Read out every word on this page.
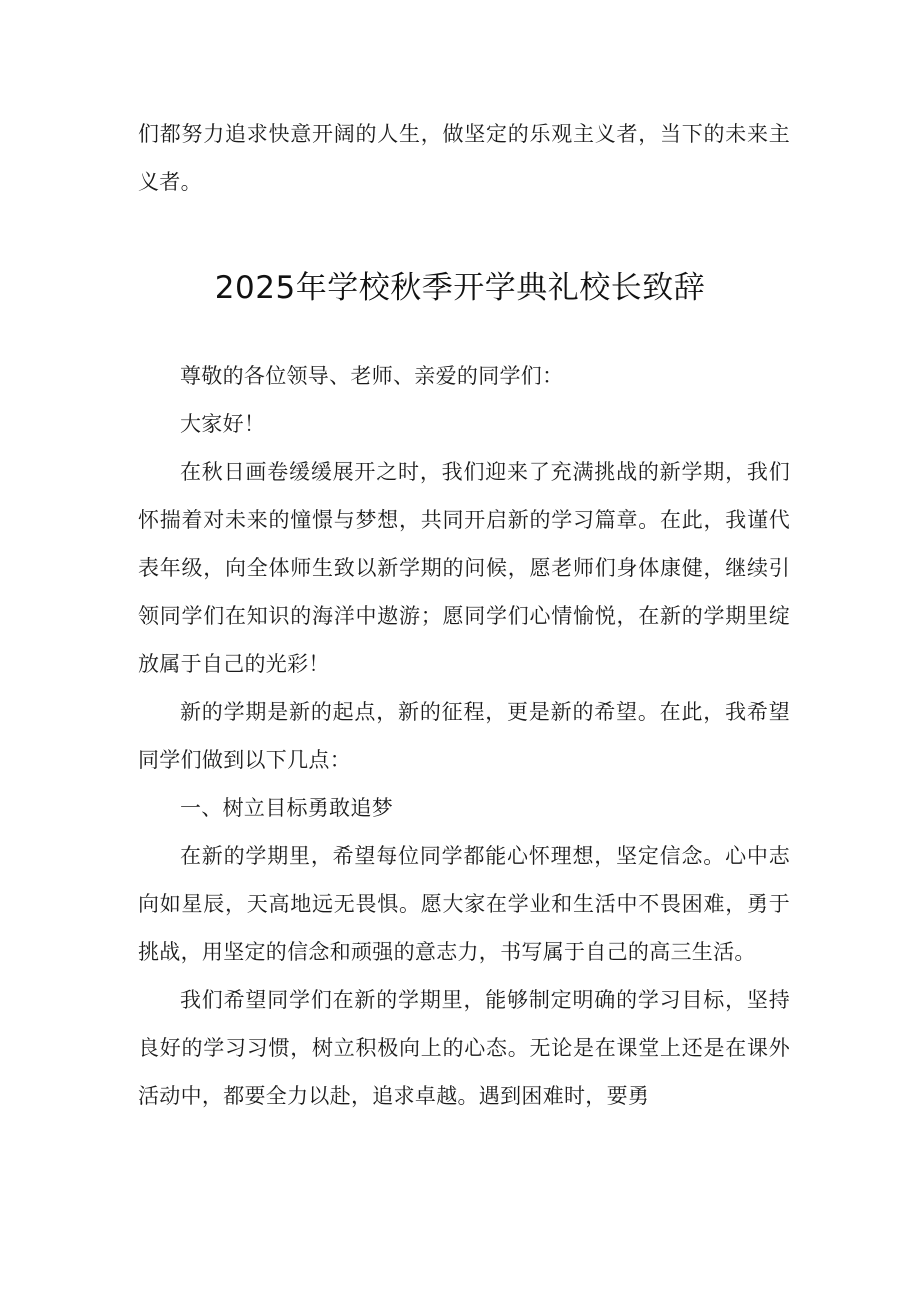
们都努力追求快意开阔的人生，做坚定的乐观主义者，当下的未来主义者。

2025年学校秋季开学典礼校长致辞

尊敬的各位领导、老师、亲爱的同学们：

大家好！

在秋日画卷缓缓展开之时，我们迎来了充满挑战的新学期，我们怀揣着对未来的憧憬与梦想，共同开启新的学习篇章。在此，我谨代表年级，向全体师生致以新学期的问候，愿老师们身体康健，继续引领同学们在知识的海洋中遨游；愿同学们心情愉悦，在新的学期里绽放属于自己的光彩！

新的学期是新的起点，新的征程，更是新的希望。在此，我希望同学们做到以下几点：

一、树立目标勇敢追梦

在新的学期里，希望每位同学都能心怀理想，坚定信念。心中志向如星辰，天高地远无畏惧。愿大家在学业和生活中不畏困难，勇于挑战，用坚定的信念和顽强的意志力，书写属于自己的高三生活。

我们希望同学们在新的学期里，能够制定明确的学习目标，坚持良好的学习习惯，树立积极向上的心态。无论是在课堂上还是在课外活动中，都要全力以赴，追求卓越。遇到困难时，要勇
